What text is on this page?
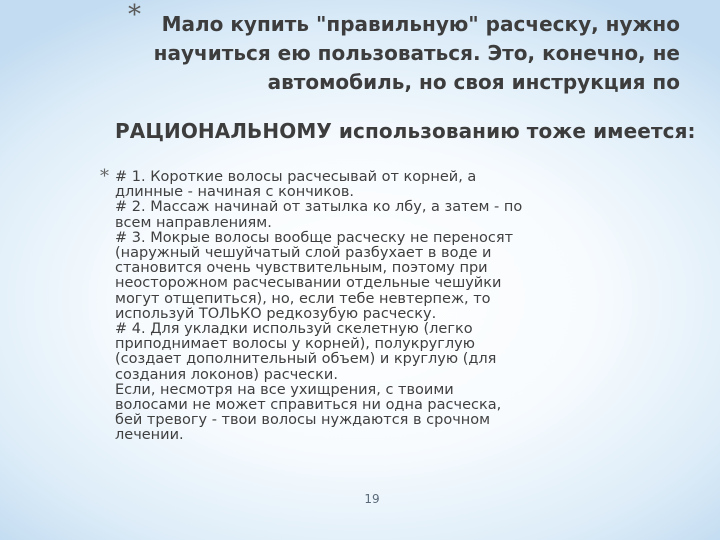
*	Мало купить "правильную" расческу, нужно
научиться ею пользоваться. Это, конечно, не
автомобиль, но своя инструкция по
РАЦИОНАЛЬНОМУ использованию тоже имеется:
* # 1. Короткие волосы расчесывай от корней, а
длинные - начиная с кончиков.
# 2. Массаж начинай от затылка ко лбу, а затем - по
всем направлениям.
# 3. Мокрые волосы вообще расческу не переносят
(наружный чешуйчатый слой разбухает в воде и
становится очень чувствительным, поэтому при
неосторожном расчесывании отдельные чешуйки
могут отщепиться), но, если тебе невтерпеж, то
используй ТОЛЬКО редкозубую расческу.
# 4. Для укладки используй скелетную (легко
приподнимает волосы у корней), полукруглую
(создает дополнительный объем) и круглую (для
создания локонов) расчески.
Если, несмотря на все ухищрения, с твоими
волосами не может справиться ни одна расческа,
бей тревогу - твои волосы нуждаются в срочном
лечении.
19
